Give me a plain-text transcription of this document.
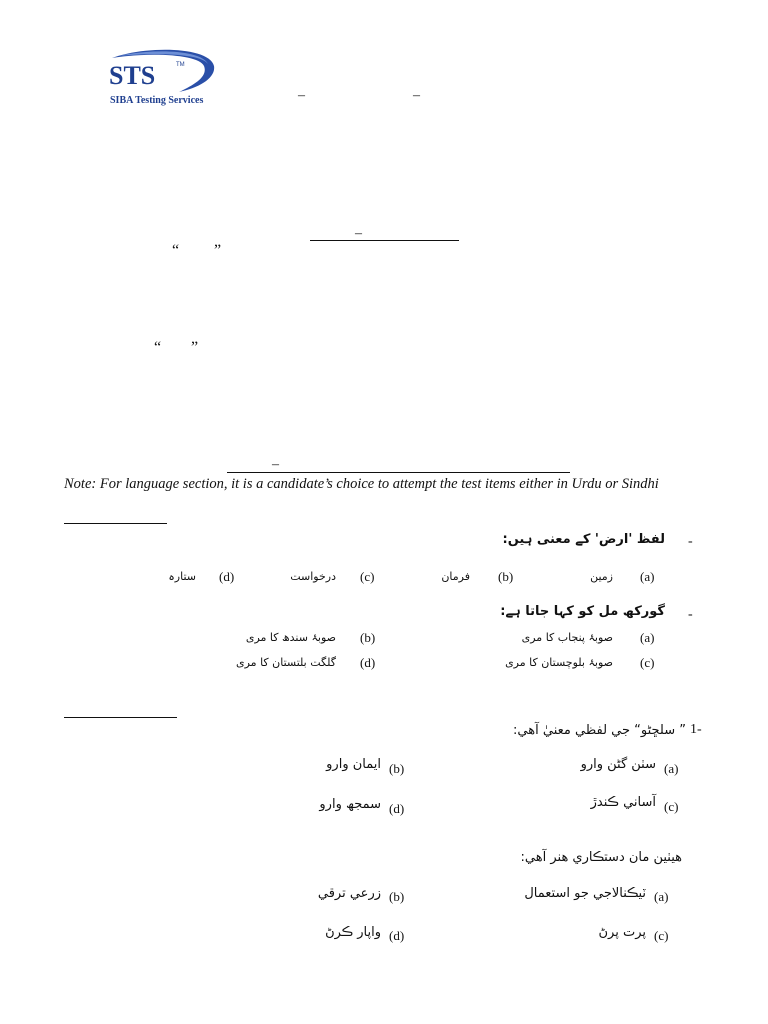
STS	TM
SIBA Testing Services	–	–
–
“ ”
“ ”
–
Note: For language section, it is a candidate’s choice to attempt the test items either in Urdu or Sindhi
-
لفظ 'ارض' کے معنی ہیں:
(a)
زمین
(b)
فرمان
(c)
درخواست
(d)
ستارہ
-
گورکھ مل کو کہا جاتا ہے:
(a)
صوبۂ پنجاب کا مری
(b)
صوبۂ سندھ کا مری
(c)
صوبۂ بلوچستان کا مری
(d)
گلگت بلتستان کا مری
1-
” سلڇڻو“ جي لفظي معنيٰ آهي:
(a)
سٺن گڻن وارو
(b)
ايمان وارو
(c)
آساني ڪندڙ
(d)
سمجھ وارو
هيٺين مان دستڪاري هنر آهي:
(a)
ٽيڪنالاجي جو استعمال
(b)
زرعي ترقي
(c)
پرت پرڻ
(d)
واپار ڪرڻ
